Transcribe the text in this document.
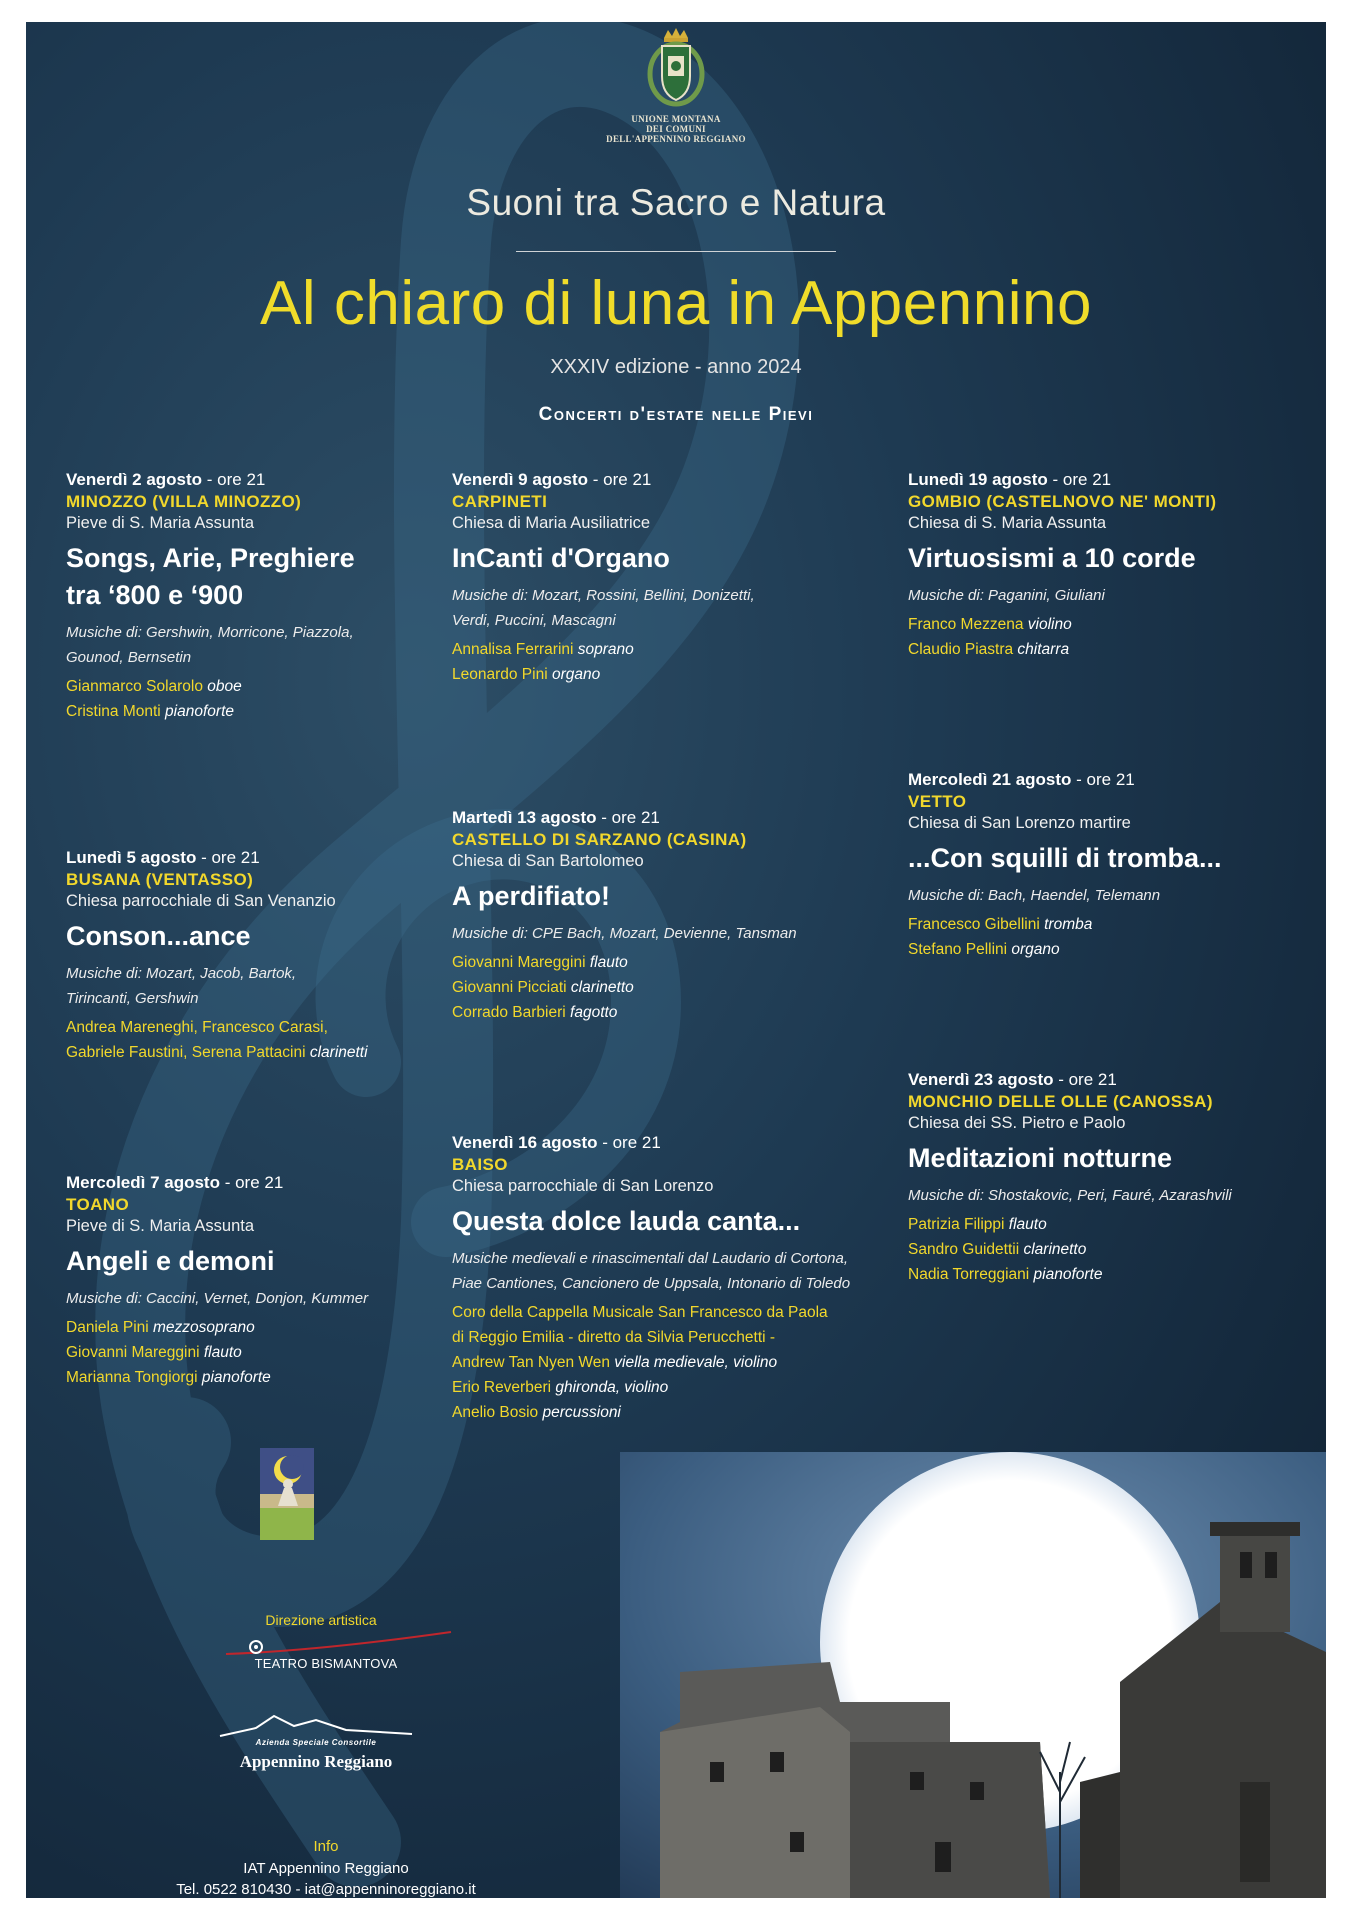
UNIONE MONTANA
DEI COMUNI
DELL'APPENNINO REGGIANO
Suoni tra Sacro e Natura
Al chiaro di luna in Appennino
XXXIV edizione - anno 2024
Concerti d'estate nelle Pievi
Venerdì 2 agosto - ore 21
MINOZZO (VILLA MINOZZO)
Pieve di S. Maria Assunta
Songs, Arie, Preghiere
tra ‘800 e ‘900
Musiche di: Gershwin, Morricone, Piazzola,
Gounod, Bernsetin
Gianmarco Solarolo oboe
Cristina Monti pianoforte
Lunedì 5 agosto - ore 21
BUSANA (VENTASSO)
Chiesa parrocchiale di San Venanzio
Conson...ance
Musiche di: Mozart, Jacob, Bartok,
Tirincanti, Gershwin
Andrea Mareneghi, Francesco Carasi,
Gabriele Faustini, Serena Pattacini clarinetti
Mercoledì 7 agosto - ore 21
TOANO
Pieve di S. Maria Assunta
Angeli e demoni
Musiche di: Caccini, Vernet, Donjon, Kummer
Daniela Pini mezzosoprano
Giovanni Mareggini flauto
Marianna Tongiorgi pianoforte
Venerdì 9 agosto - ore 21
CARPINETI
Chiesa di Maria Ausiliatrice
InCanti d'Organo
Musiche di: Mozart, Rossini, Bellini, Donizetti,
Verdi, Puccini, Mascagni
Annalisa Ferrarini soprano
Leonardo Pini organo
Martedì 13 agosto - ore 21
CASTELLO DI SARZANO (CASINA)
Chiesa di San Bartolomeo
A perdifiato!
Musiche di: CPE Bach, Mozart, Devienne, Tansman
Giovanni Mareggini flauto
Giovanni Picciati clarinetto
Corrado Barbieri fagotto
Venerdì 16 agosto - ore 21
BAISO
Chiesa parrocchiale di San Lorenzo
Questa dolce lauda canta...
Musiche medievali e rinascimentali dal Laudario di Cortona,
Piae Cantiones, Cancionero de Uppsala, Intonario di Toledo
Coro della Cappella Musicale San Francesco da Paola
di Reggio Emilia - diretto da Silvia Perucchetti -
Andrew Tan Nyen Wen viella medievale, violino
Erio Reverberi ghironda, violino
Anelio Bosio percussioni
Lunedì 19 agosto - ore 21
GOMBIO (CASTELNOVO NE' MONTI)
Chiesa di S. Maria Assunta
Virtuosismi a 10 corde
Musiche di: Paganini, Giuliani
Franco Mezzena violino
Claudio Piastra chitarra
Mercoledì 21 agosto - ore 21
VETTO
Chiesa di San Lorenzo martire
...Con squilli di tromba...
Musiche di: Bach, Haendel, Telemann
Francesco Gibellini tromba
Stefano Pellini organo
Venerdì 23 agosto - ore 21
MONCHIO DELLE OLLE (CANOSSA)
Chiesa dei SS. Pietro e Paolo
Meditazioni notturne
Musiche di: Shostakovic, Peri, Fauré, Azarashvili
Patrizia Filippi flauto
Sandro Guidettii clarinetto
Nadia Torreggiani pianoforte
Direzione artistica
TEATRO BISMANTOVA
Azienda Speciale Consortile
Appennino Reggiano
Info
IAT Appennino Reggiano
Tel. 0522 810430 - iat@appenninoreggiano.it
